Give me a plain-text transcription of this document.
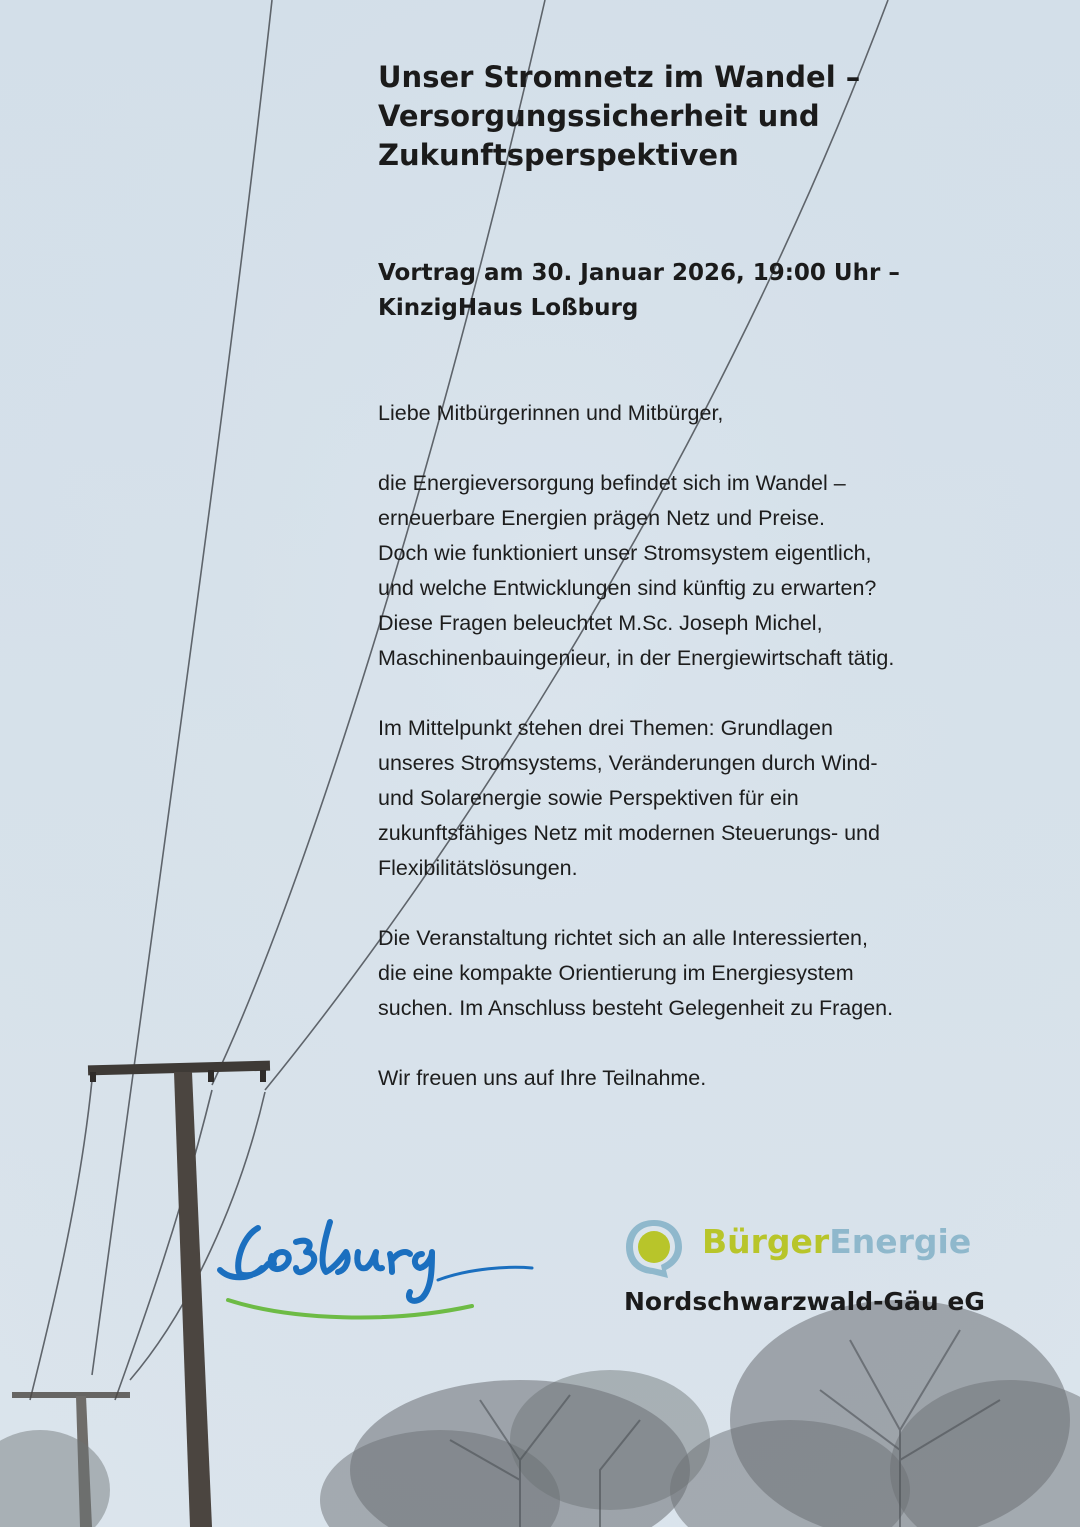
Unser Stromnetz im Wandel –
Versorgungssicherheit und
Zukunftsperspektiven
Vortrag am 30. Januar 2026, 19:00 Uhr –
KinzigHaus Loßburg

Liebe Mitbürgerinnen und Mitbürger,

die Energieversorgung befindet sich im Wandel –
erneuerbare Energien prägen Netz und Preise.
Doch wie funktioniert unser Stromsystem eigentlich,
und welche Entwicklungen sind künftig zu erwarten?
Diese Fragen beleuchtet M.Sc. Joseph Michel,
Maschinenbauingenieur, in der Energiewirtschaft tätig.

Im Mittelpunkt stehen drei Themen: Grundlagen
unseres Stromsystems, Veränderungen durch Wind-
und Solarenergie sowie Perspektiven für ein
zukunftsfähiges Netz mit modernen Steuerungs- und
Flexibilitätslösungen.

Die Veranstaltung richtet sich an alle Interessierten,
die eine kompakte Orientierung im Energiesystem
suchen. Im Anschluss besteht Gelegenheit zu Fragen.

Wir freuen uns auf Ihre Teilnahme.

BürgerEnergie
Nordschwarzwald-Gäu eG
